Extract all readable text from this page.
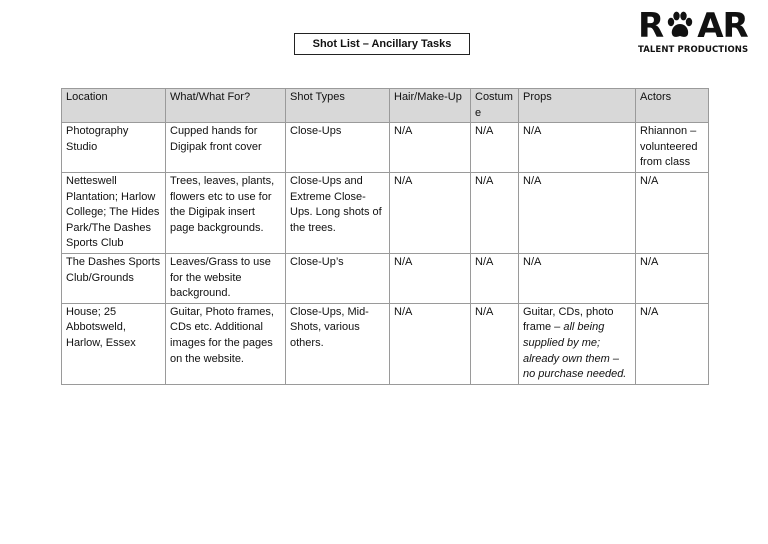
Shot List – Ancillary Tasks	R AR
TALENT PRODUCTIONS
Location	What/What For?	Shot Types	Hair/Make-Up	Costume	Props	Actors
Photography Studio	Cupped hands for Digipak front cover	Close-Ups	N/A	N/A	N/A	Rhiannon – volunteered from class
Netteswell Plantation; Harlow College; The Hides Park/The Dashes Sports Club	Trees, leaves, plants, flowers etc to use for the Digipak insert page backgrounds.	Close-Ups and Extreme Close-Ups. Long shots of the trees.	N/A	N/A	N/A	N/A
The Dashes Sports Club/Grounds	Leaves/Grass to use for the website background.	Close-Up’s	N/A	N/A	N/A	N/A
House; 25 Abbotsweld, Harlow, Essex	Guitar, Photo frames, CDs etc. Additional images for the pages on the website.	Close-Ups, Mid-Shots, various others.	N/A	N/A	Guitar, CDs, photo frame – all being supplied by me; already own them – no purchase needed.	N/A
